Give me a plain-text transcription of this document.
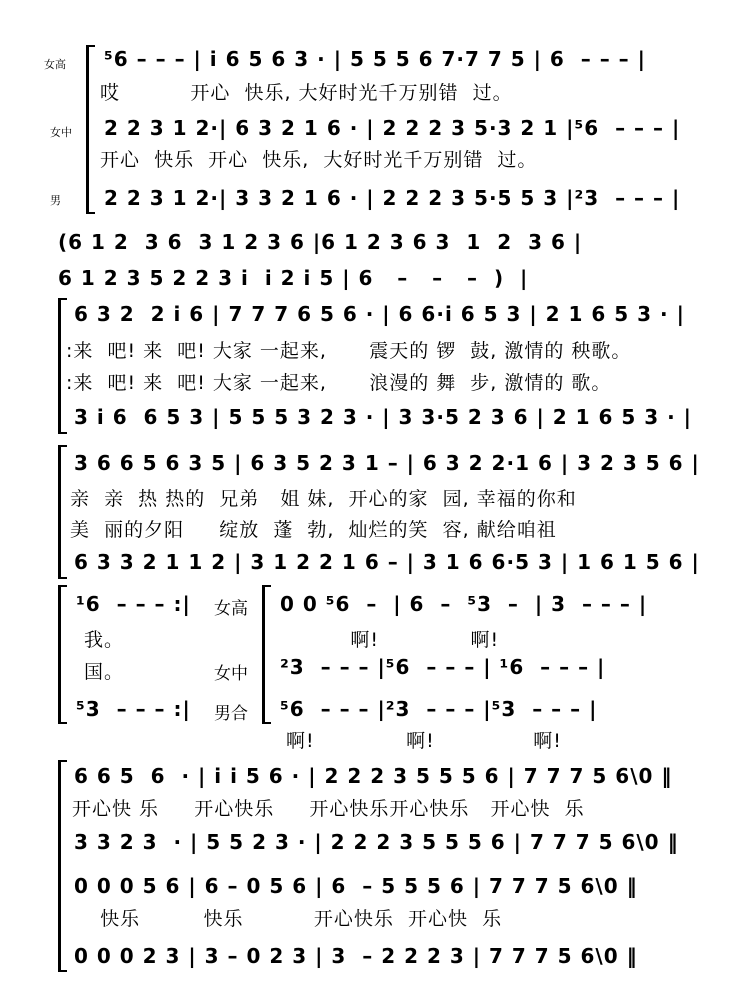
女高
女中
男
⁵6 – – – | i 6 5 6 3 · | 5 5 5 6 7·7 7 5 | 6  – – – |
哎          开心  快乐, 大好时光千万别错  过。
2 2 3 1 2·| 6 3 2 1 6 · | 2 2 2 3 5·3 2 1 |⁵6  – – – |
开心  快乐  开心  快乐,  大好时光千万别错  过。
2 2 3 1 2·| 3 3 2 1 6 · | 2 2 2 3 5·5 5 3 |²3  – – – |
(6 1 2  3 6  3 1 2 3 6 |6 1 2 3 6 3  1  2  3 6 |
6 1 2 3 5 2 2 3 i  i 2 i 5 | 6   –   –   –  )  |
6 3 2  2 i 6 | 7 7 7 6 5 6 · | 6 6·i 6 5 3 | 2 1 6 5 3 · |
:来  吧! 来  吧! 大家 一起来,      震天的 锣  鼓, 激情的 秧歌。
:来  吧! 来  吧! 大家 一起来,      浪漫的 舞  步, 激情的 歌。
3 i 6  6 5 3 | 5 5 5 3 2 3 · | 3 3·5 2 3 6 | 2 1 6 5 3 · |
3 6 6 5 6 3 5 | 6 3 5 2 3 1 – | 6 3 2 2·1 6 | 3 2 3 5 6 |
亲  亲  热 热的  兄弟   姐 妹,  开心的家  园, 幸福的你和
美  丽的夕阳     绽放  蓬  勃,  灿烂的笑  容, 献给咱祖
6 3 3 2 1 1 2 | 3 1 2 2 1 6 – | 3 1 6 6·5 3 | 1 6 1 5 6 |
¹6  – – – :| 女高 0 0 ⁵6  –  | 6  –  ⁵3  –  | 3  – – – |
我。	啊!             啊!
国。	女中 ²3  – – – |⁵6  – – – | ¹6  – – – |
⁵3  – – – :| 男合 ⁵6  – – – |²3  – – – |⁵3  – – – |
啊!             啊!              啊!
6 6 5  6  · | i i 5 6 · | 2 2 2 3 5 5 5 6 | 7 7 7 5 6\0 ‖
开心快 乐     开心快乐     开心快乐开心快乐   开心快  乐
3 3 2 3  · | 5 5 2 3 · | 2 2 2 3 5 5 5 6 | 7 7 7 5 6\0 ‖
0 0 0 5 6 | 6 – 0 5 6 | 6  – 5 5 5 6 | 7 7 7 5 6\0 ‖
快乐         快乐          开心快乐  开心快  乐
0 0 0 2 3 | 3 – 0 2 3 | 3  – 2 2 2 3 | 7 7 7 5 6\0 ‖
